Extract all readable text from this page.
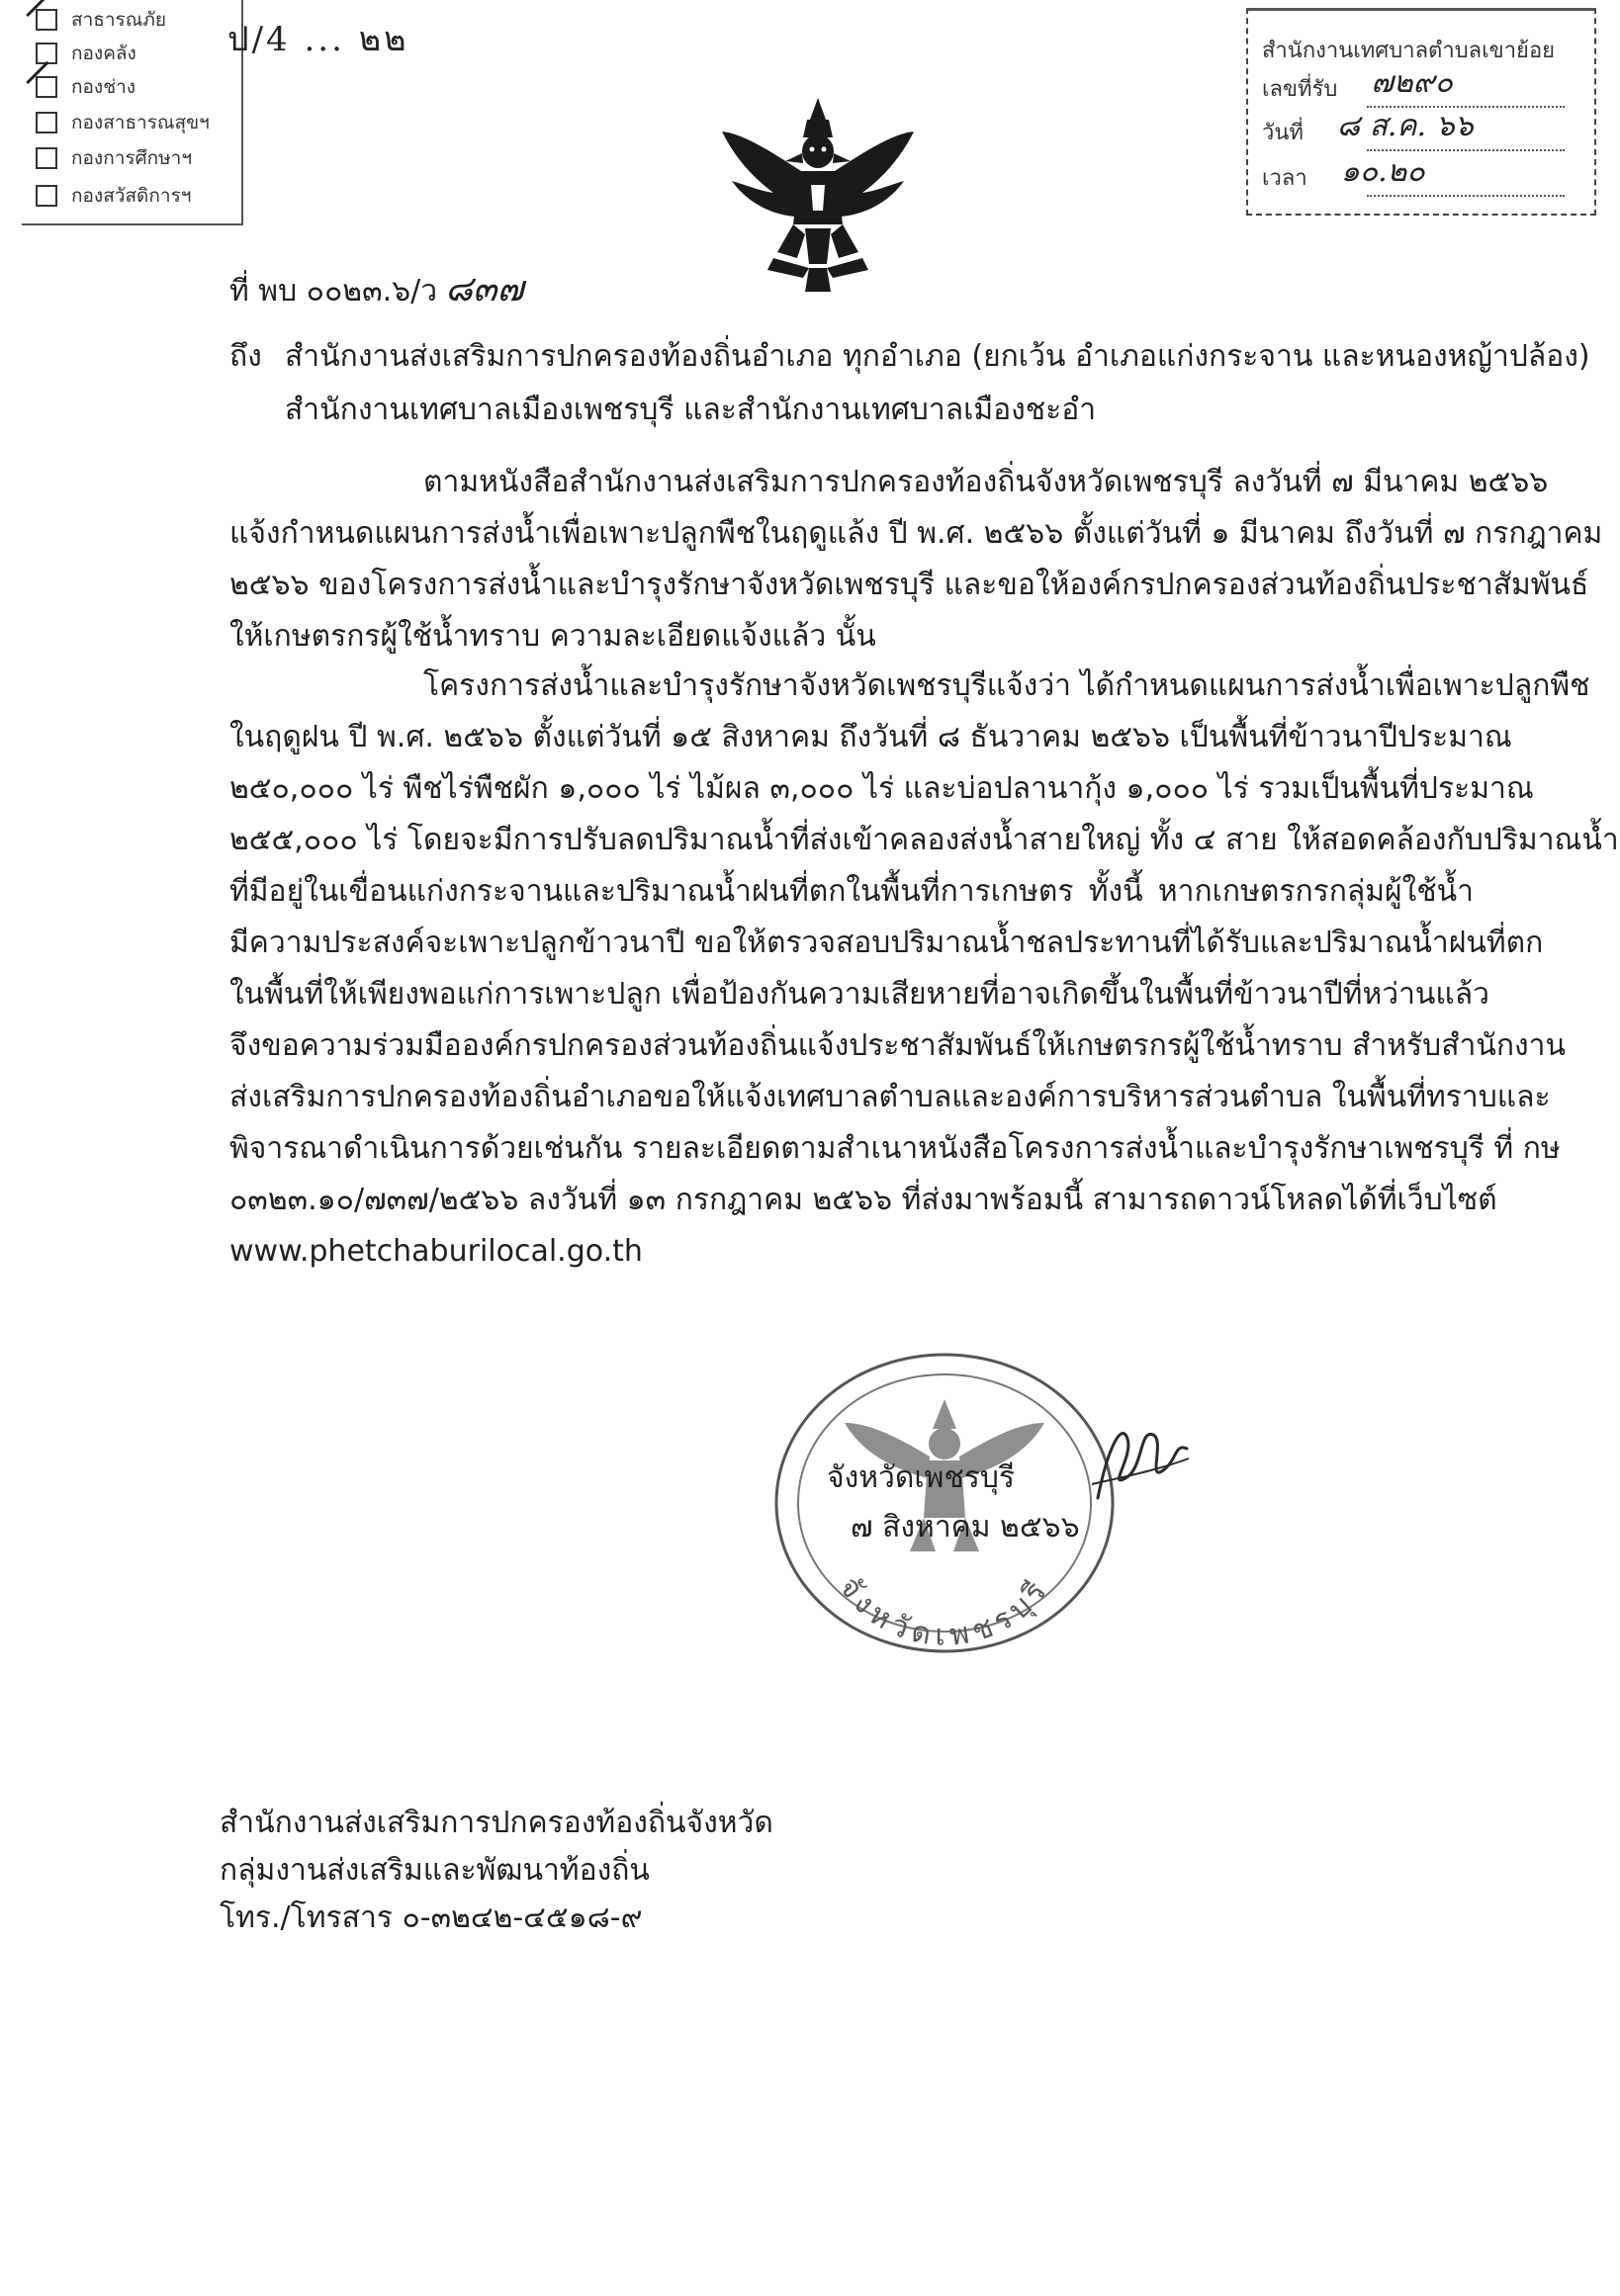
สาธารณภัย
กองคลัง
กองช่าง
กองสาธารณสุขฯ
กองการศึกษาฯ
กองสวัสดิการฯ
ป/4 ... ๒๒	สำนักงานเทศบาลตำบลเขาย้อย
เลขที่รับ ๗๒๙๐
วันที่ ๘ ส.ค. ๖๖
เวลา ๑๐.๒๐
ที่ พบ ๐๐๒๓.๖/ว ๘๓๗
ถึง สำนักงานส่งเสริมการปกครองท้องถิ่นอำเภอ ทุกอำเภอ (ยกเว้น อำเภอแก่งกระจาน และหนองหญ้าปล้อง)
สำนักงานเทศบาลเมืองเพชรบุรี และสำนักงานเทศบาลเมืองชะอำ
ตามหนังสือสำนักงานส่งเสริมการปกครองท้องถิ่นจังหวัดเพชรบุรี ลงวันที่ ๗ มีนาคม ๒๕๖๖
แจ้งกำหนดแผนการส่งน้ำเพื่อเพาะปลูกพืชในฤดูแล้ง ปี พ.ศ. ๒๕๖๖ ตั้งแต่วันที่ ๑ มีนาคม ถึงวันที่ ๗ กรกฎาคม
๒๕๖๖ ของโครงการส่งน้ำและบำรุงรักษาจังหวัดเพชรบุรี และขอให้องค์กรปกครองส่วนท้องถิ่นประชาสัมพันธ์
ให้เกษตรกรผู้ใช้น้ำทราบ ความละเอียดแจ้งแล้ว นั้น
โครงการส่งน้ำและบำรุงรักษาจังหวัดเพชรบุรีแจ้งว่า ได้กำหนดแผนการส่งน้ำเพื่อเพาะปลูกพืช
ในฤดูฝน ปี พ.ศ. ๒๕๖๖ ตั้งแต่วันที่ ๑๕ สิงหาคม ถึงวันที่ ๘ ธันวาคม ๒๕๖๖ เป็นพื้นที่ข้าวนาปีประมาณ
๒๕๐,๐๐๐ ไร่ พืชไร่พืชผัก ๑,๐๐๐ ไร่ ไม้ผล ๓,๐๐๐ ไร่ และบ่อปลานากุ้ง ๑,๐๐๐ ไร่ รวมเป็นพื้นที่ประมาณ
๒๕๕,๐๐๐ ไร่ โดยจะมีการปรับลดปริมาณน้ำที่ส่งเข้าคลองส่งน้ำสายใหญ่ ทั้ง ๔ สาย ให้สอดคล้องกับปริมาณน้ำ
ที่มีอยู่ในเขื่อนแก่งกระจานและปริมาณน้ำฝนที่ตกในพื้นที่การเกษตร ทั้งนี้ หากเกษตรกรกลุ่มผู้ใช้น้ำ
มีความประสงค์จะเพาะปลูกข้าวนาปี ขอให้ตรวจสอบปริมาณน้ำชลประทานที่ได้รับและปริมาณน้ำฝนที่ตก
ในพื้นที่ให้เพียงพอแก่การเพาะปลูก เพื่อป้องกันความเสียหายที่อาจเกิดขึ้นในพื้นที่ข้าวนาปีที่หว่านแล้ว
จึงขอความร่วมมือองค์กรปกครองส่วนท้องถิ่นแจ้งประชาสัมพันธ์ให้เกษตรกรผู้ใช้น้ำทราบ สำหรับสำนักงาน
ส่งเสริมการปกครองท้องถิ่นอำเภอขอให้แจ้งเทศบาลตำบลและองค์การบริหารส่วนตำบล ในพื้นที่ทราบและ
พิจารณาดำเนินการด้วยเช่นกัน รายละเอียดตามสำเนาหนังสือโครงการส่งน้ำและบำรุงรักษาเพชรบุรี ที่ กษ
๐๓๒๓.๑๐/๗๓๗/๒๕๖๖ ลงวันที่ ๑๓ กรกฎาคม ๒๕๖๖ ที่ส่งมาพร้อมนี้ สามารถดาวน์โหลดได้ที่เว็บไซต์
www.phetchaburilocal.go.th
จังหวัดเพชรบุรี
จังหวัดเพชรบุรี
๗ สิงหาคม ๒๕๖๖
สำนักงานส่งเสริมการปกครองท้องถิ่นจังหวัด
กลุ่มงานส่งเสริมและพัฒนาท้องถิ่น
โทร./โทรสาร ๐-๓๒๔๒-๔๕๑๘-๙
